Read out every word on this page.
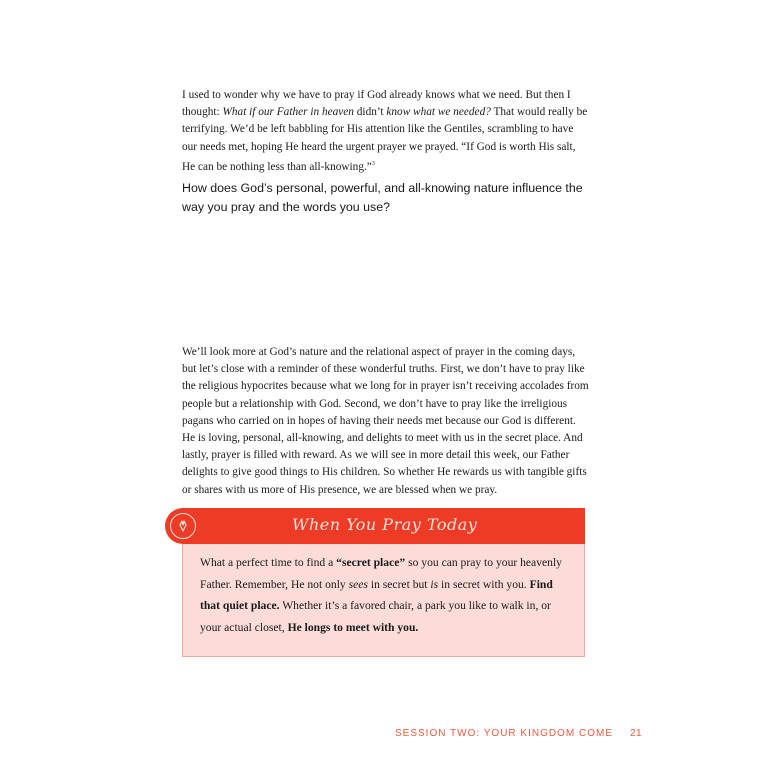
I used to wonder why we have to pray if God already knows what we need. But then I thought: What if our Father in heaven didn’t know what we needed? That would really be terrifying. We’d be left babbling for His attention like the Gentiles, scrambling to have our needs met, hoping He heard the urgent prayer we prayed. “If God is worth His salt, He can be nothing less than all-knowing.”$^3$

How does God’s personal, powerful, and all-knowing nature influence the way you pray and the words you use?

We’ll look more at God’s nature and the relational aspect of prayer in the coming days, but let’s close with a reminder of these wonderful truths. First, we don’t have to pray like the religious hypocrites because what we long for in prayer isn’t receiving accolades from people but a relationship with God. Second, we don’t have to pray like the irreligious pagans who carried on in hopes of having their needs met because our God is different. He is loving, personal, all-knowing, and delights to meet with us in the secret place. And lastly, prayer is filled with reward. As we will see in more detail this week, our Father delights to give good things to His children. So whether He rewards us with tangible gifts or shares with us more of His presence, we are blessed when we pray.

When You Pray Today

What a perfect time to find a “secret place” so you can pray to your heavenly Father. Remember, He not only sees in secret but is in secret with you. Find that quiet place. Whether it’s a favored chair, a park you like to walk in, or your actual closet, He longs to meet with you.

SESSION TWO: YOUR KINGDOM COME 21
